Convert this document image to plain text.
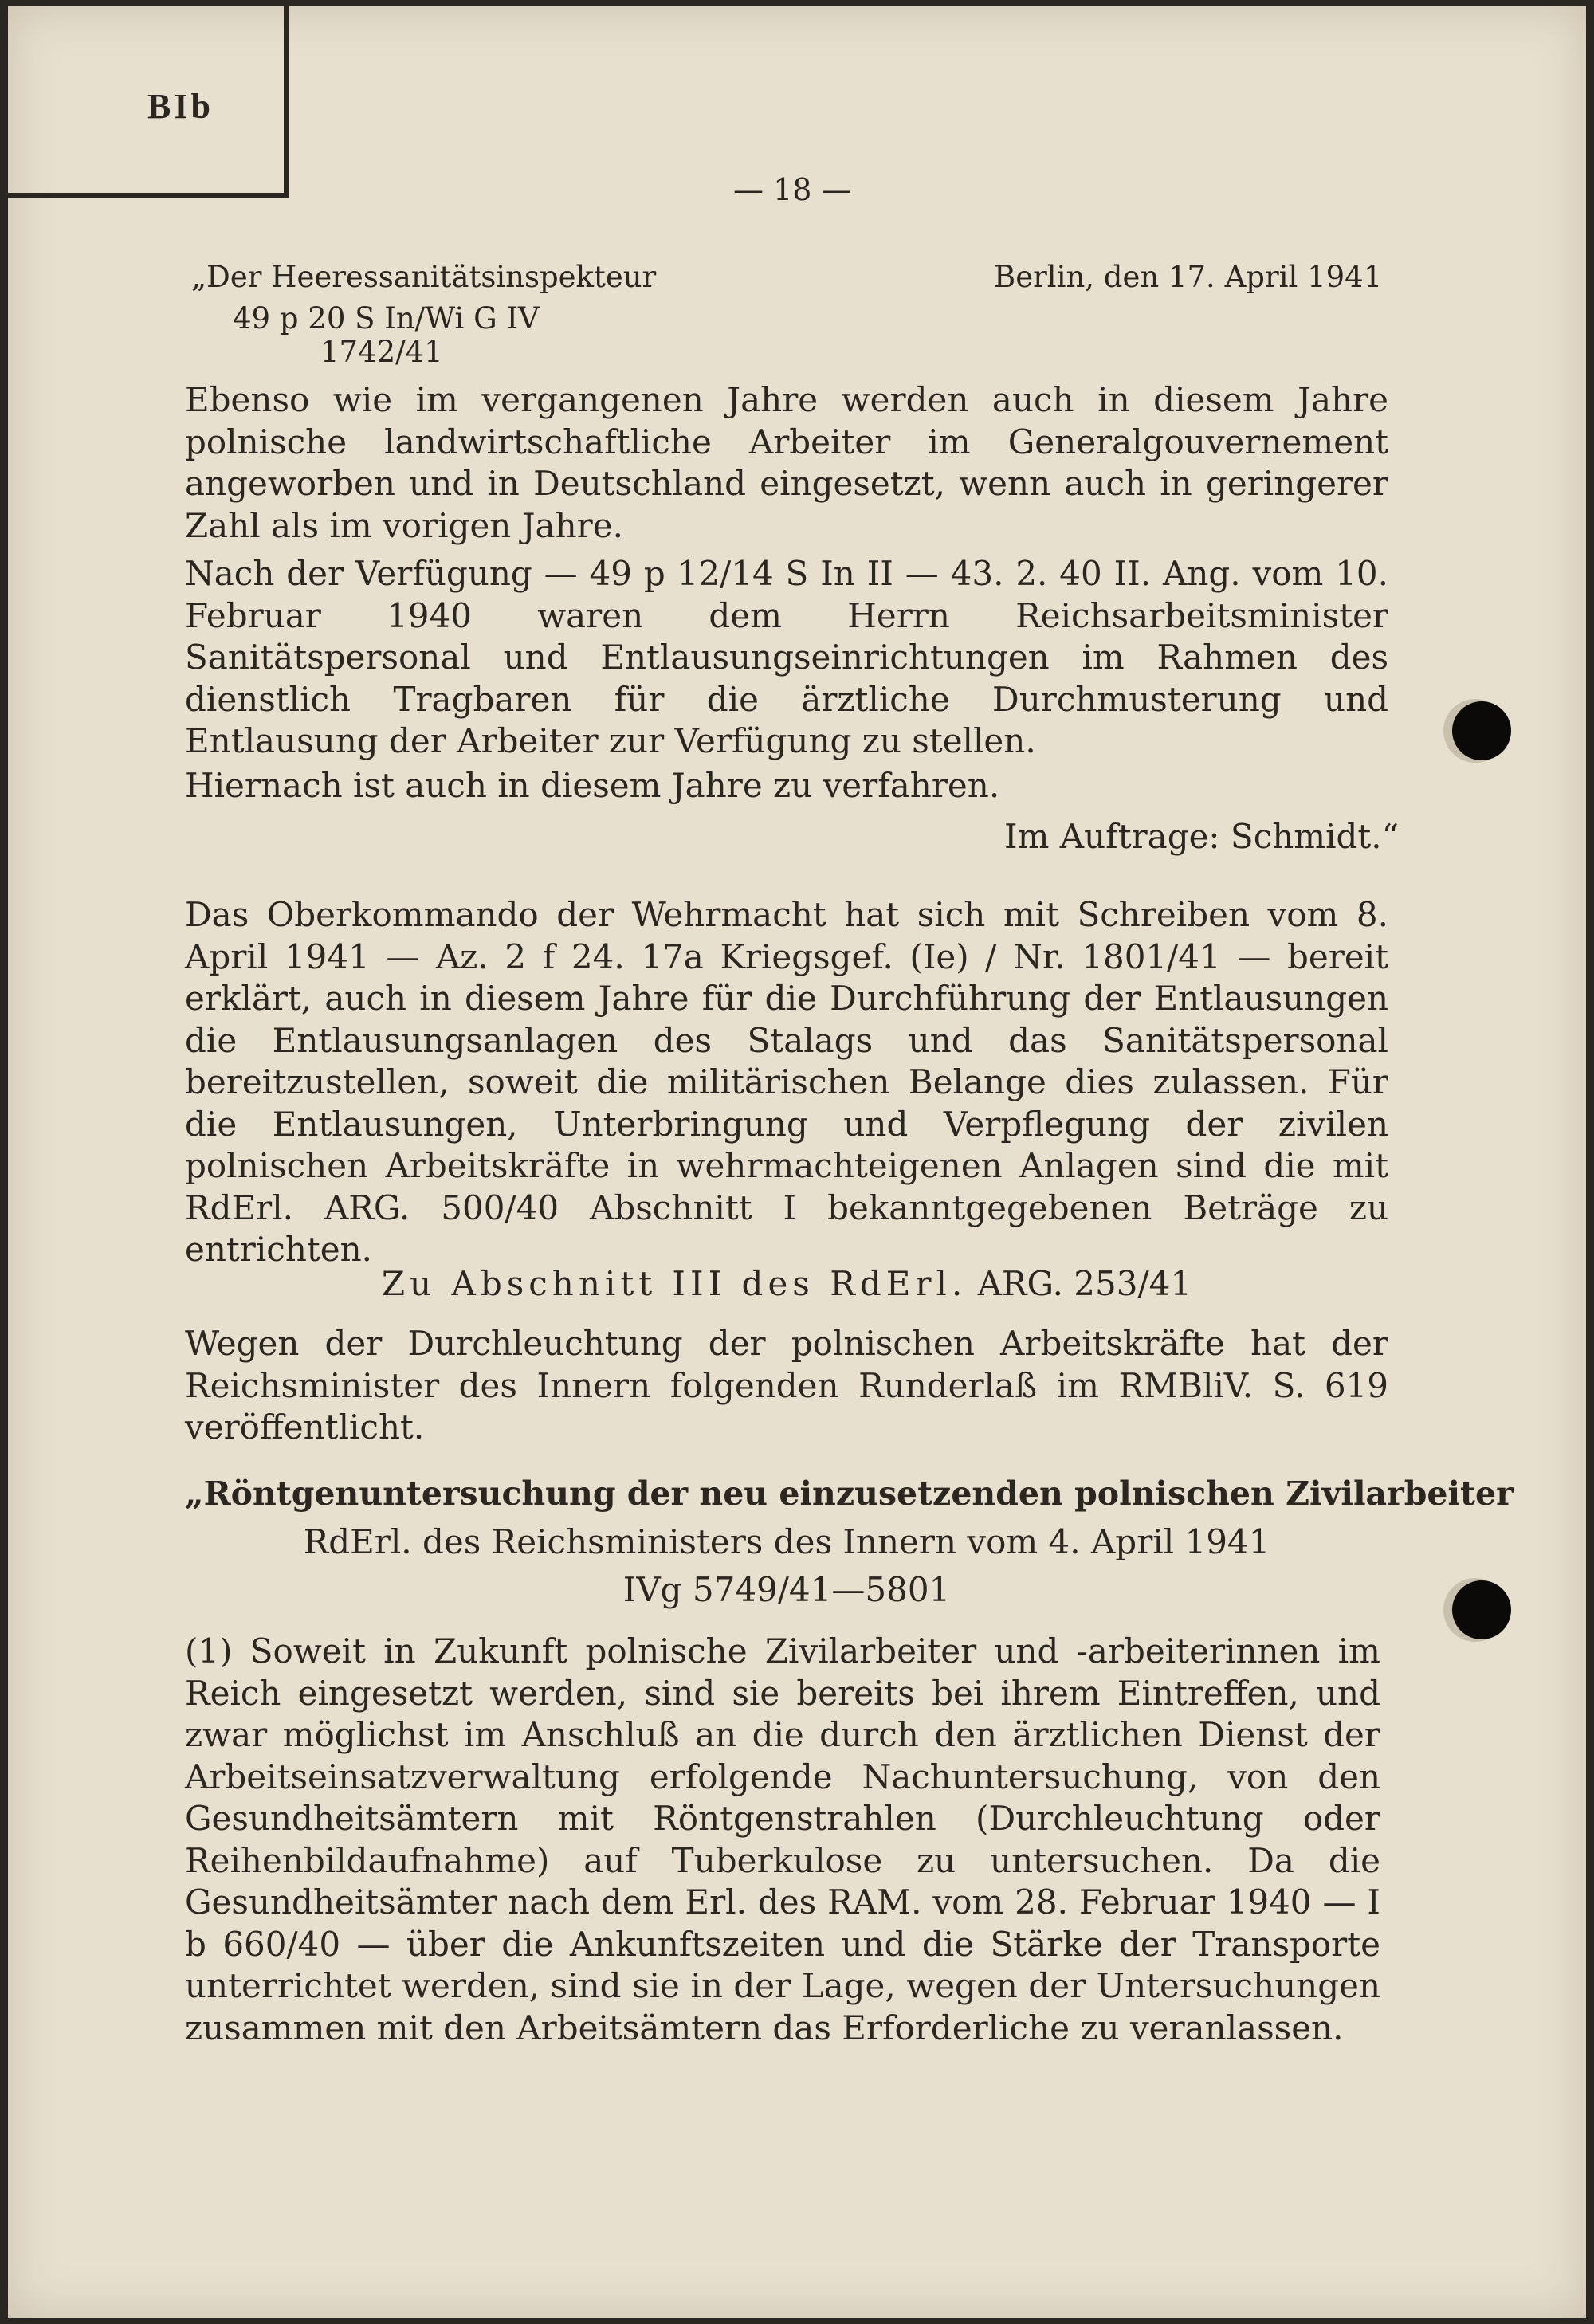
BIb
— 18 —
„Der Heeressanitätsinspekteur	Berlin, den 17. April 1941
49 p 20 S In/Wi G IV
1742/41

Ebenso wie im vergangenen Jahre werden auch in diesem Jahre polnische landwirtschaftliche Arbeiter im Generalgouvernement angeworben und in Deutschland eingesetzt, wenn auch in geringerer Zahl als im vorigen Jahre.

Nach der Verfügung — 49 p 12/14 S In II — 43. 2. 40 II. Ang. vom 10. Februar 1940 waren dem Herrn Reichsarbeitsminister Sanitätspersonal und Entlausungseinrichtungen im Rahmen des dienstlich Tragbaren für die ärztliche Durchmusterung und Entlausung der Arbeiter zur Verfügung zu stellen.

Hiernach ist auch in diesem Jahre zu verfahren.

Im Auftrage: Schmidt.“

Das Oberkommando der Wehrmacht hat sich mit Schreiben vom 8. April 1941 — Az. 2 f 24. 17a Kriegsgef. (Ie) / Nr. 1801/41 — bereit erklärt, auch in diesem Jahre für die Durchführung der Entlausungen die Entlausungsanlagen des Stalags und das Sanitätspersonal bereitzustellen, soweit die militärischen Belange dies zulassen. Für die Entlausungen, Unterbringung und Verpflegung der zivilen polnischen Arbeitskräfte in wehrmachteigenen Anlagen sind die mit RdErl. ARG. 500/40 Abschnitt I bekanntgegebenen Beträge zu entrichten.

Zu Abschnitt III des RdErl. ARG. 253/41

Wegen der Durchleuchtung der polnischen Arbeitskräfte hat der Reichsminister des Innern folgenden Runderlaß im RMBliV. S. 619 veröffentlicht.

„Röntgenuntersuchung der neu einzusetzenden polnischen Zivilarbeiter
RdErl. des Reichsministers des Innern vom 4. April 1941
IVg 5749/41—5801

(1) Soweit in Zukunft polnische Zivilarbeiter und -arbeiterinnen im Reich eingesetzt werden, sind sie bereits bei ihrem Eintreffen, und zwar möglichst im Anschluß an die durch den ärztlichen Dienst der Arbeitseinsatzverwaltung erfolgende Nachuntersuchung, von den Gesundheitsämtern mit Röntgenstrahlen (Durchleuchtung oder Reihenbildaufnahme) auf Tuberkulose zu untersuchen. Da die Gesundheitsämter nach dem Erl. des RAM. vom 28. Februar 1940 — I b 660/40 — über die Ankunftszeiten und die Stärke der Transporte unterrichtet werden, sind sie in der Lage, wegen der Untersuchungen zusammen mit den Arbeitsämtern das Erforderliche zu veranlassen.
